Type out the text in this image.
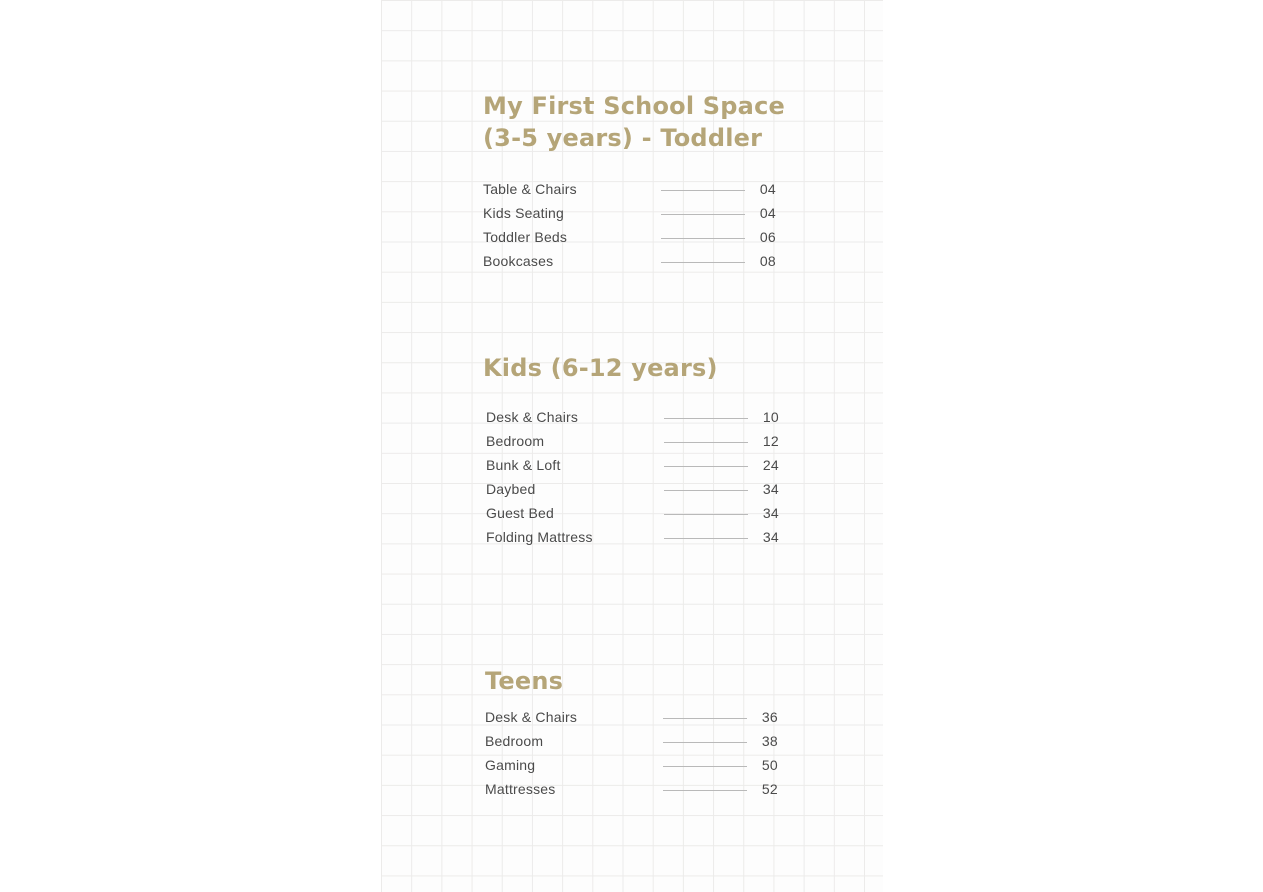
My First School Space
(3-5 years) - Toddler
Table & Chairs	04
Kids Seating	04
Toddler Beds	06
Bookcases	08
Kids (6-12 years)
Desk & Chairs	10
Bedroom	12
Bunk & Loft	24
Daybed	34
Guest Bed	34
Folding Mattress	34
Teens
Desk & Chairs	36
Bedroom	38
Gaming	50
Mattresses	52
